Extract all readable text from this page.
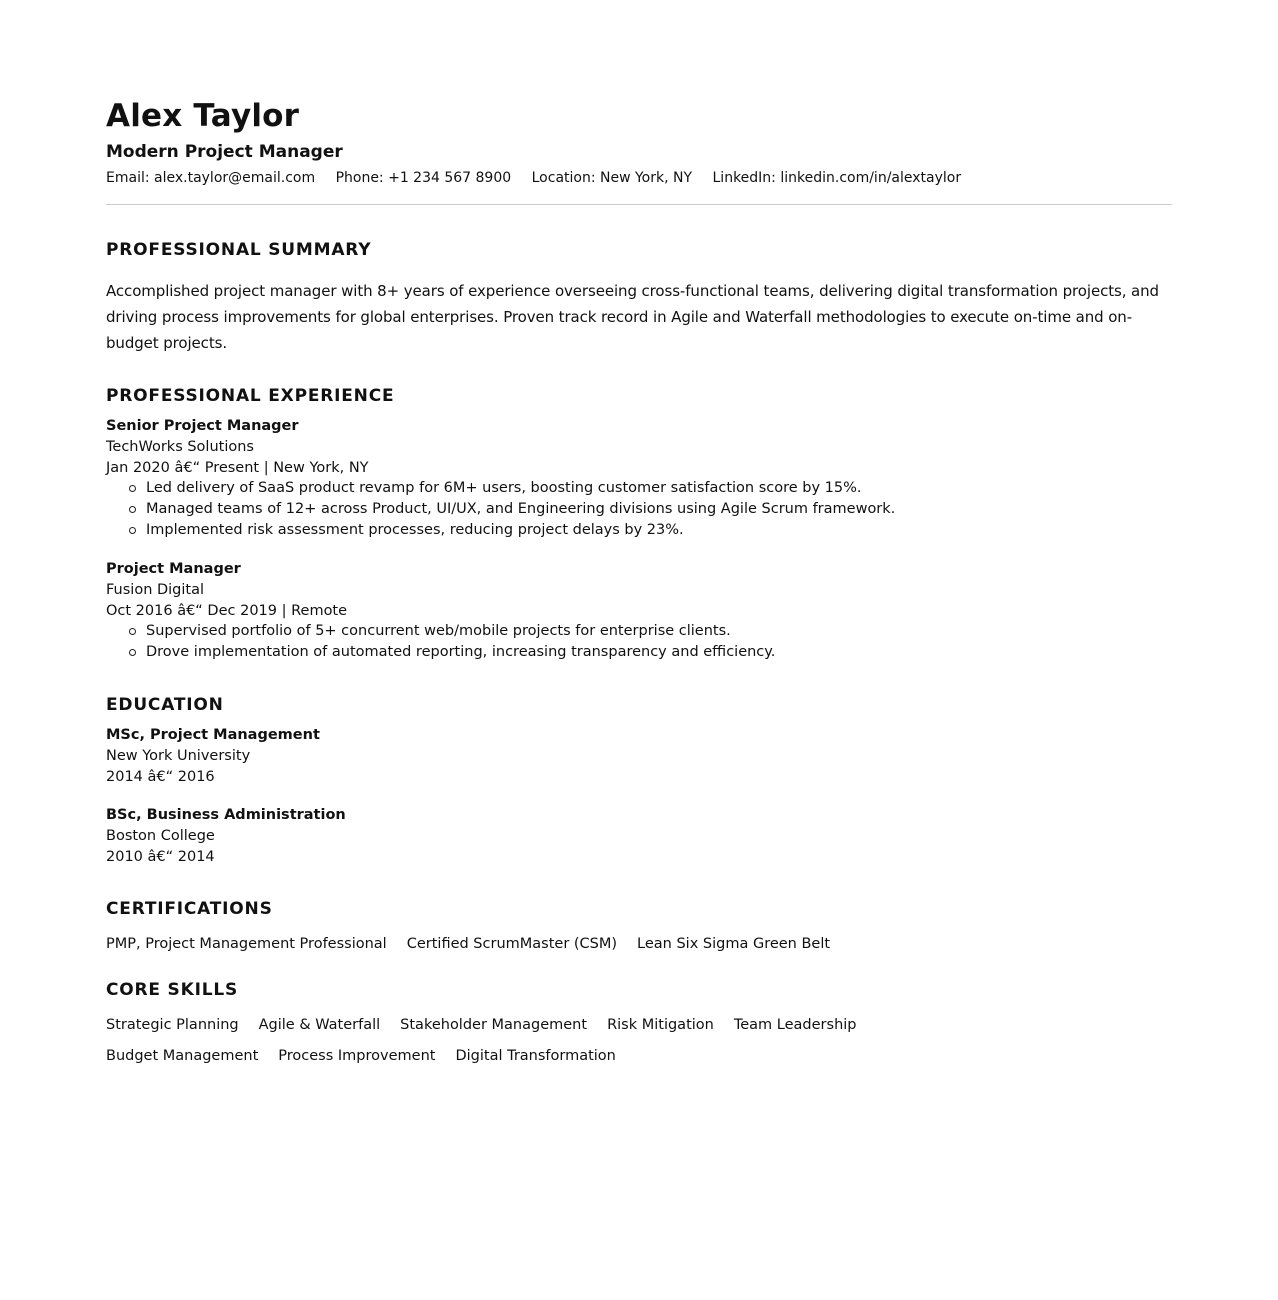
Alex Taylor
Modern Project Manager
Email: alex.taylor@email.com Phone: +1 234 567 8900 Location: New York, NY LinkedIn: linkedin.com/in/alextaylor
PROFESSIONAL SUMMARY

Accomplished project manager with 8+ years of experience overseeing cross-functional teams, delivering digital transformation projects, and driving process improvements for global enterprises. Proven track record in Agile and Waterfall methodologies to execute on-time and on-budget projects.

PROFESSIONAL EXPERIENCE
Senior Project Manager
TechWorks Solutions
Jan 2020 â€“ Present | New York, NY
Led delivery of SaaS product revamp for 6M+ users, boosting customer satisfaction score by 15%.
Managed teams of 12+ across Product, UI/UX, and Engineering divisions using Agile Scrum framework.
Implemented risk assessment processes, reducing project delays by 23%.
Project Manager
Fusion Digital
Oct 2016 â€“ Dec 2019 | Remote
Supervised portfolio of 5+ concurrent web/mobile projects for enterprise clients.
Drove implementation of automated reporting, increasing transparency and efficiency.
EDUCATION
MSc, Project Management
New York University
2014 â€“ 2016
BSc, Business Administration
Boston College
2010 â€“ 2014
CERTIFICATIONS
PMP, Project Management Professional Certified ScrumMaster (CSM) Lean Six Sigma Green Belt
CORE SKILLS
Strategic Planning Agile & Waterfall Stakeholder Management Risk Mitigation Team Leadership
Budget Management Process Improvement Digital Transformation
